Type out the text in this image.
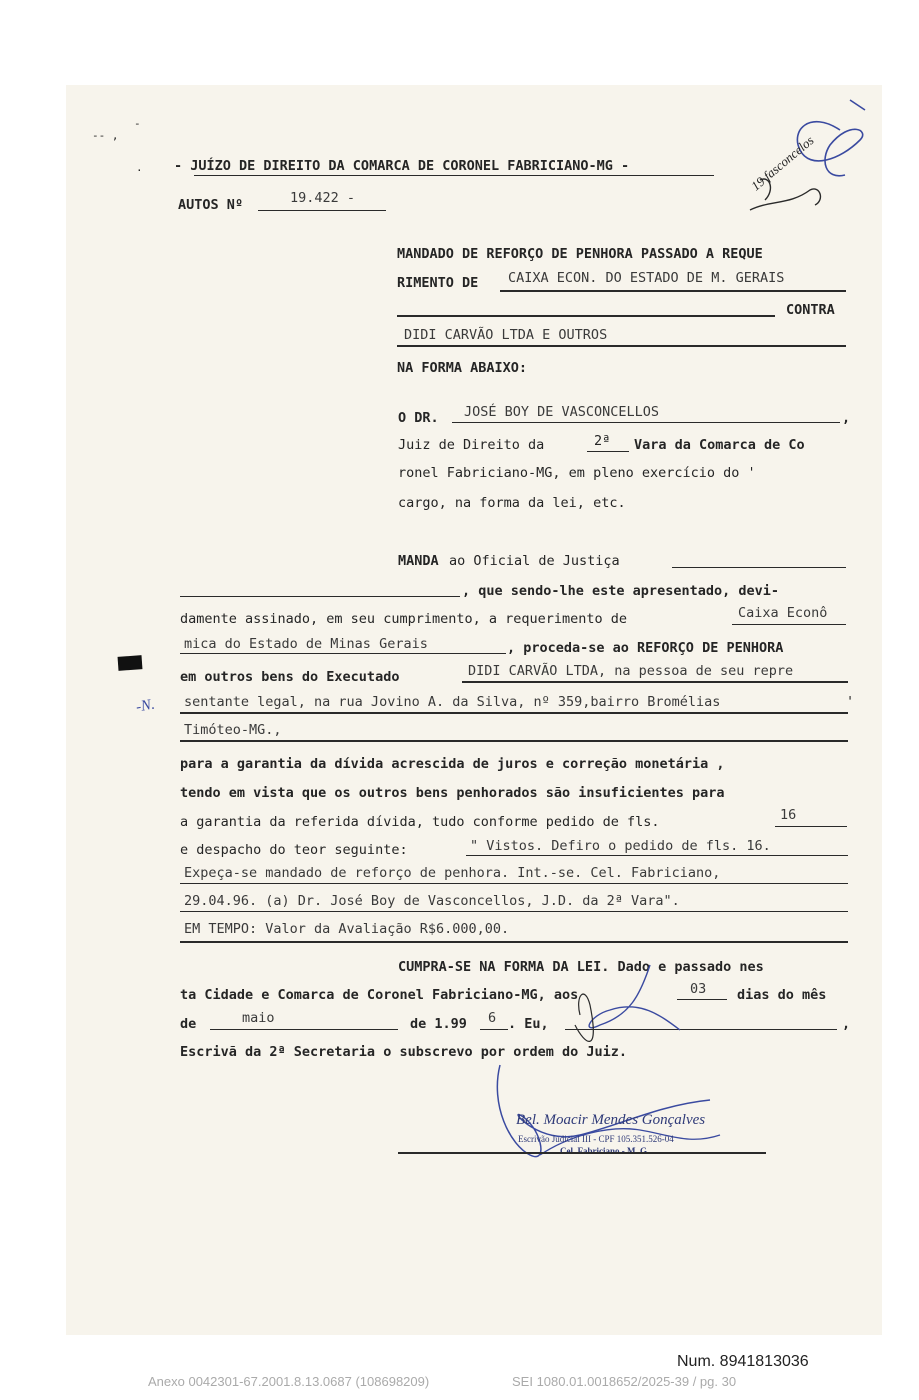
-- ,
-
. - JUÍZO DE DIREITO DA COMARCA DE CORONEL FABRICIANO-MG -
AUTOS Nº	19.422 -
19 fasconcelos
MANDADO DE REFORÇO DE PENHORA PASSADO A REQUE
RIMENTO DE CAIXA ECON. DO ESTADO DE M. GERAIS
CONTRA
DIDI CARVÃO LTDA E OUTROS
NA FORMA ABAIXO:
O DR. JOSÉ BOY DE VASCONCELLOS	,
Juiz de Direito da	2ª Vara da Comarca de Co
ronel Fabriciano-MG, em pleno exercício do '
cargo, na forma da lei, etc.
MANDA ao Oficial de Justiça
, que sendo-lhe este apresentado, devi-
damente assinado, em seu cumprimento, a requerimento de	Caixa Econô
mica do Estado de Minas Gerais	, proceda-se ao REFORÇO DE PENHORA
em outros bens do Executado	DIDI CARVÃO LTDA, na pessoa de seu repre
sentante legal, na rua Jovino A. da Silva, nº 359,bairro Bromélias	'
Timóteo-MG.,
-N.
para a garantia da dívida acrescida de juros e correção monetária ,
tendo em vista que os outros bens penhorados são insuficientes para
a garantia da referida dívida, tudo conforme pedido de fls.	16
e despacho do teor seguinte:	" Vistos. Defiro o pedido de fls. 16.
Expeça-se mandado de reforço de penhora. Int.-se. Cel. Fabriciano,
29.04.96. (a) Dr. José Boy de Vasconcellos, J.D. da 2ª Vara".
EM TEMPO: Valor da Avaliação R$6.000,00.
CUMPRA-SE NA FORMA DA LEI. Dado e passado nes
ta Cidade e Comarca de Coronel Fabriciano-MG, aos	03 dias do mês
de	maio	de 1.99 6 . Eu,	,
Escrivã da 2ª Secretaria o subscrevo por ordem do Juiz.
Bel. Moacir Mendes Gonçalves
Escrivão Judicial III - CPF 105.351.526-04
Cel. Fabriciano - M. G.
Num. 8941813036
Anexo 0042301-67.2001.8.13.0687 (108698209)	SEI 1080.01.0018652/2025-39 / pg. 30
